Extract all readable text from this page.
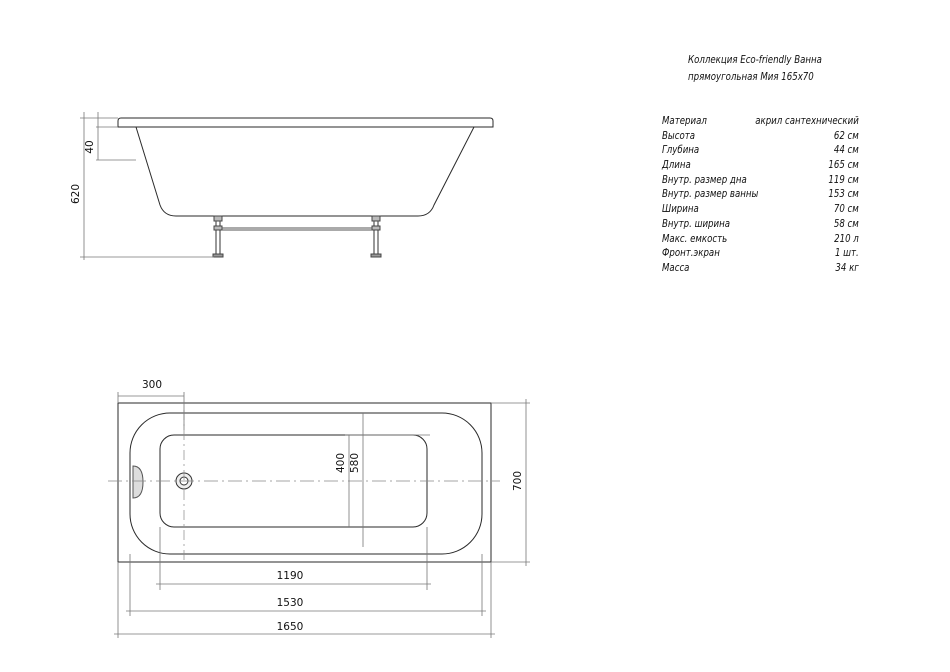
620
40
300
400 580
700
1190
1530
1650
Коллекция Eco-friendly Ванна
прямоугольная Мия 165x70
Материал	акрил сантехнический
Высота	62 см
Глубина	44 см
Длина	165 см
Внутр. размер дна	119 см
Внутр. размер ванны	153 см
Ширина	70 см
Внутр. ширина	58 см
Макс. емкость	210 л
Фронт.экран	1 шт.
Масса	34 кг
